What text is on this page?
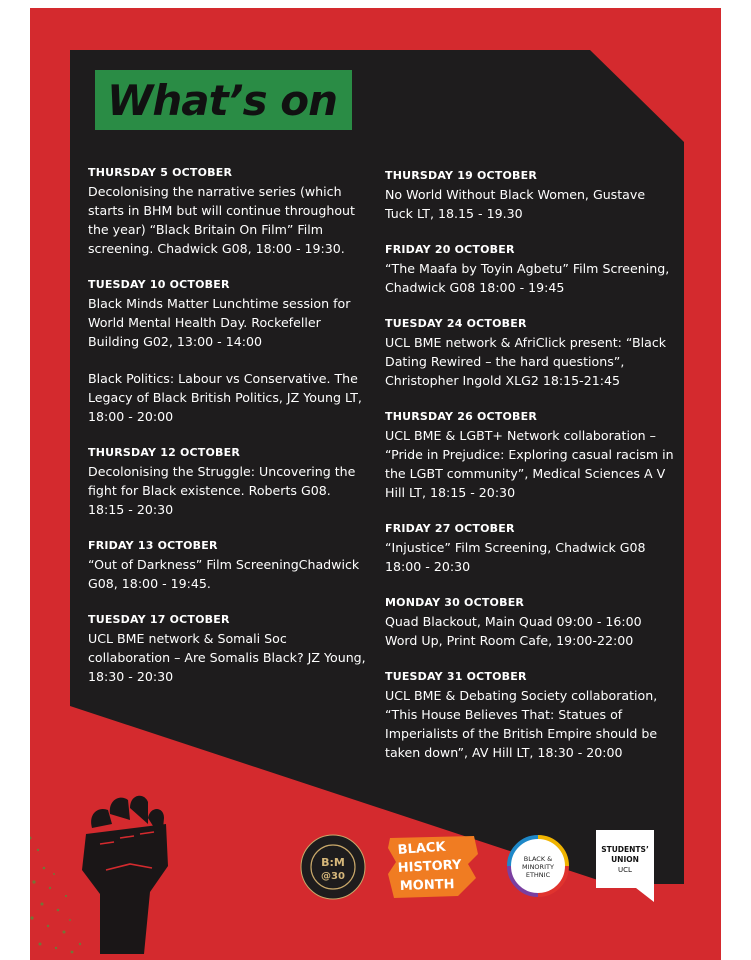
What’s on
THURSDAY 5 OCTOBER
Decolonising the narrative series (which starts in BHM but will continue throughout the year) “Black Britain On Film” Film screening. Chadwick G08, 18:00 - 19:30.
TUESDAY 10 OCTOBER
Black Minds Matter Lunchtime session for World Mental Health Day. Rockefeller Building G02, 13:00 - 14:00
Black Politics: Labour vs Conservative. The Legacy of Black British Politics, JZ Young LT, 18:00 - 20:00
THURSDAY 12 OCTOBER
Decolonising the Struggle: Uncovering the fight for Black existence. Roberts G08. 18:15 - 20:30
FRIDAY 13 OCTOBER
“Out of Darkness” Film ScreeningChadwick G08, 18:00 - 19:45.
TUESDAY 17 OCTOBER
UCL BME network & Somali Soc collaboration – Are Somalis Black? JZ Young, 18:30 - 20:30
THURSDAY 19 OCTOBER
No World Without Black Women, Gustave Tuck LT, 18.15 - 19.30
FRIDAY 20 OCTOBER
“The Maafa by Toyin Agbetu” Film Screening, Chadwick G08 18:00 - 19:45
TUESDAY 24 OCTOBER
UCL BME network & AfriClick present: “Black Dating Rewired – the hard questions”, Christopher Ingold XLG2 18:15-21:45
THURSDAY 26 OCTOBER
UCL BME & LGBT+ Network collaboration – “Pride in Prejudice: Exploring casual racism in the LGBT community”, Medical Sciences A V Hill LT, 18:15 - 20:30
FRIDAY 27 OCTOBER
“Injustice” Film Screening, Chadwick G08 18:00 - 20:30
MONDAY 30 OCTOBER
Quad Blackout, Main Quad 09:00 - 16:00
Word Up, Print Room Cafe, 19:00-22:00
TUESDAY 31 OCTOBER
UCL BME & Debating Society collaboration, “This House Believes That: Statues of Imperialists of the British Empire should be taken down”, AV Hill LT, 18:30 - 20:00
B:M
@30
BLACK
HISTORY
MONTH
BLACK &
MINORITY
ETHNIC
STUDENTS’
UNION
UCL
